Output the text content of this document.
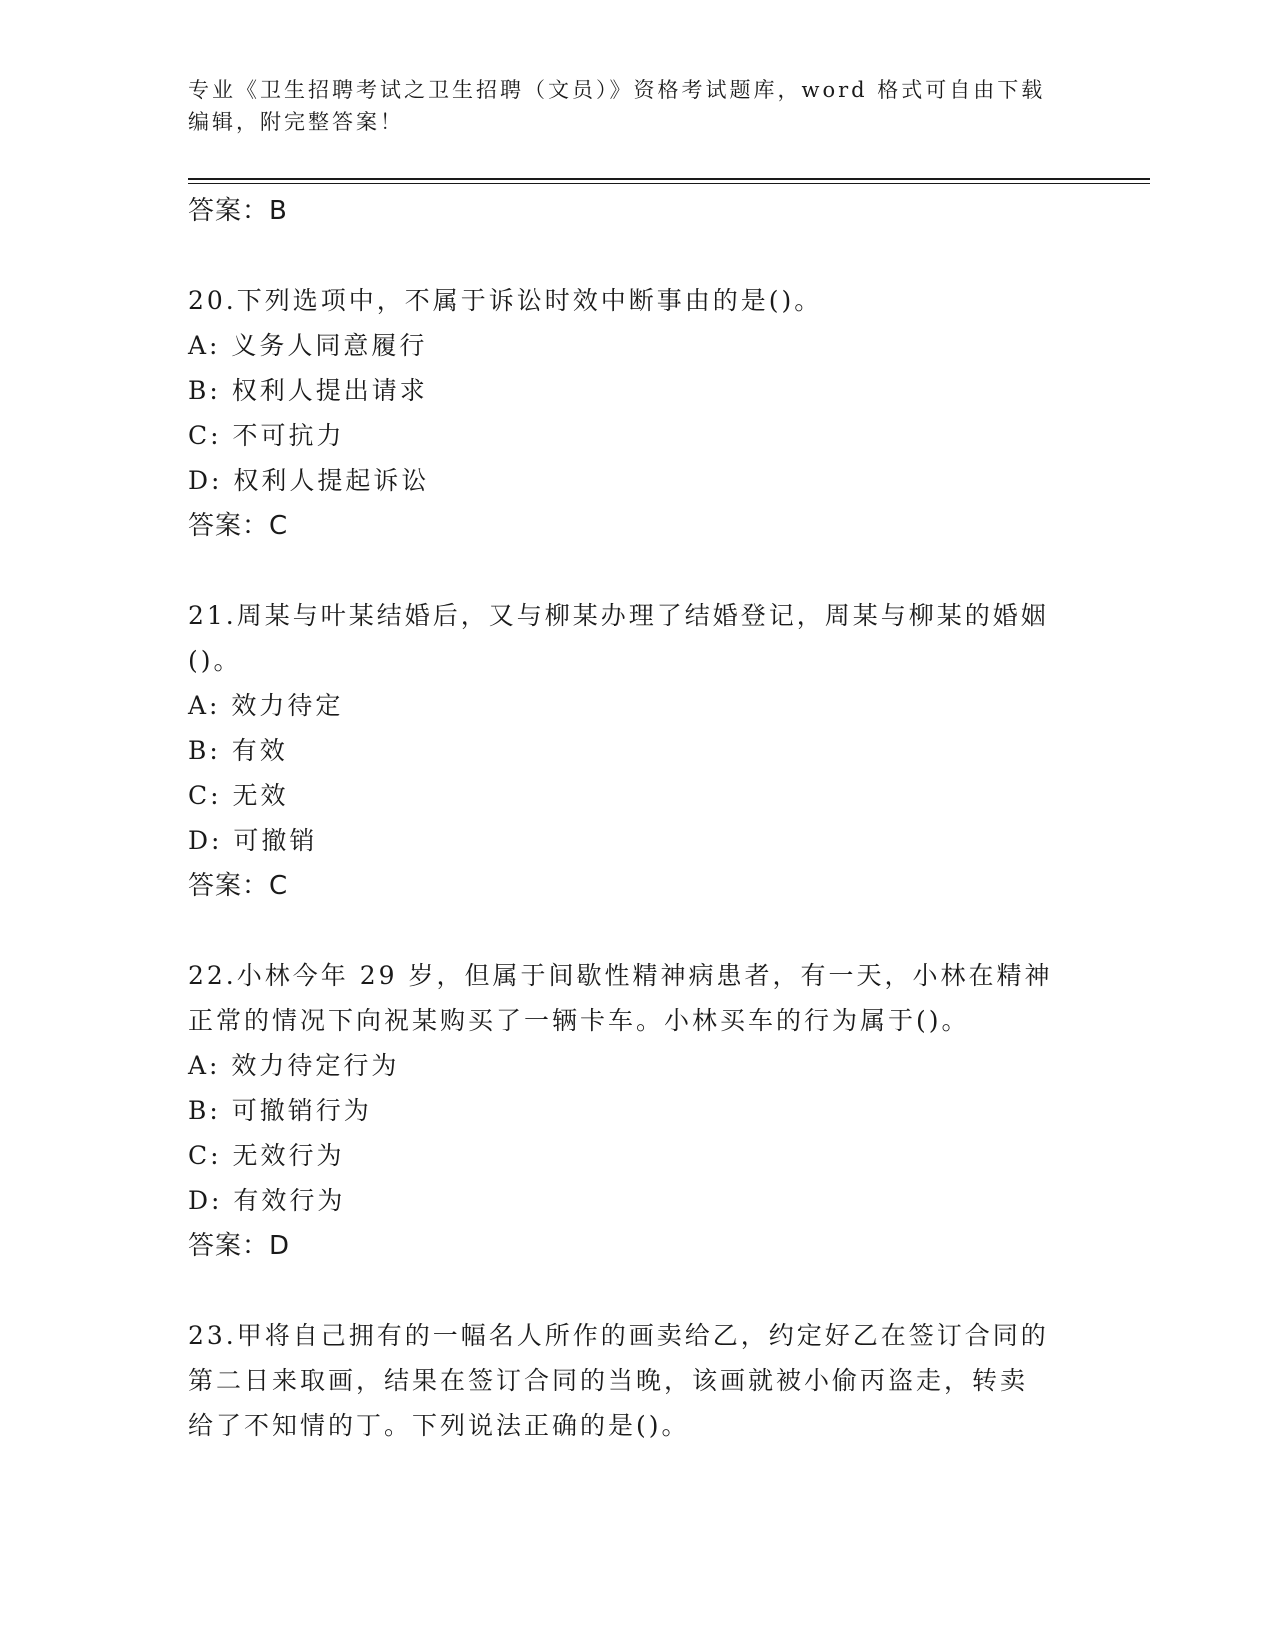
专业《卫生招聘考试之卫生招聘（文员）》资格考试题库，word 格式可自由下载
编辑，附完整答案！
答案：B
20.下列选项中，不属于诉讼时效中断事由的是()。
A: 义务人同意履行
B: 权利人提出请求
C: 不可抗力
D: 权利人提起诉讼
答案：C
21.周某与叶某结婚后，又与柳某办理了结婚登记，周某与柳某的婚姻
()。
A: 效力待定
B: 有效
C: 无效
D: 可撤销
答案：C
22.小林今年 29 岁，但属于间歇性精神病患者，有一天，小林在精神
正常的情况下向祝某购买了一辆卡车。小林买车的行为属于()。
A: 效力待定行为
B: 可撤销行为
C: 无效行为
D: 有效行为
答案：D
23.甲将自己拥有的一幅名人所作的画卖给乙，约定好乙在签订合同的
第二日来取画，结果在签订合同的当晚，该画就被小偷丙盗走，转卖
给了不知情的丁。下列说法正确的是()。
